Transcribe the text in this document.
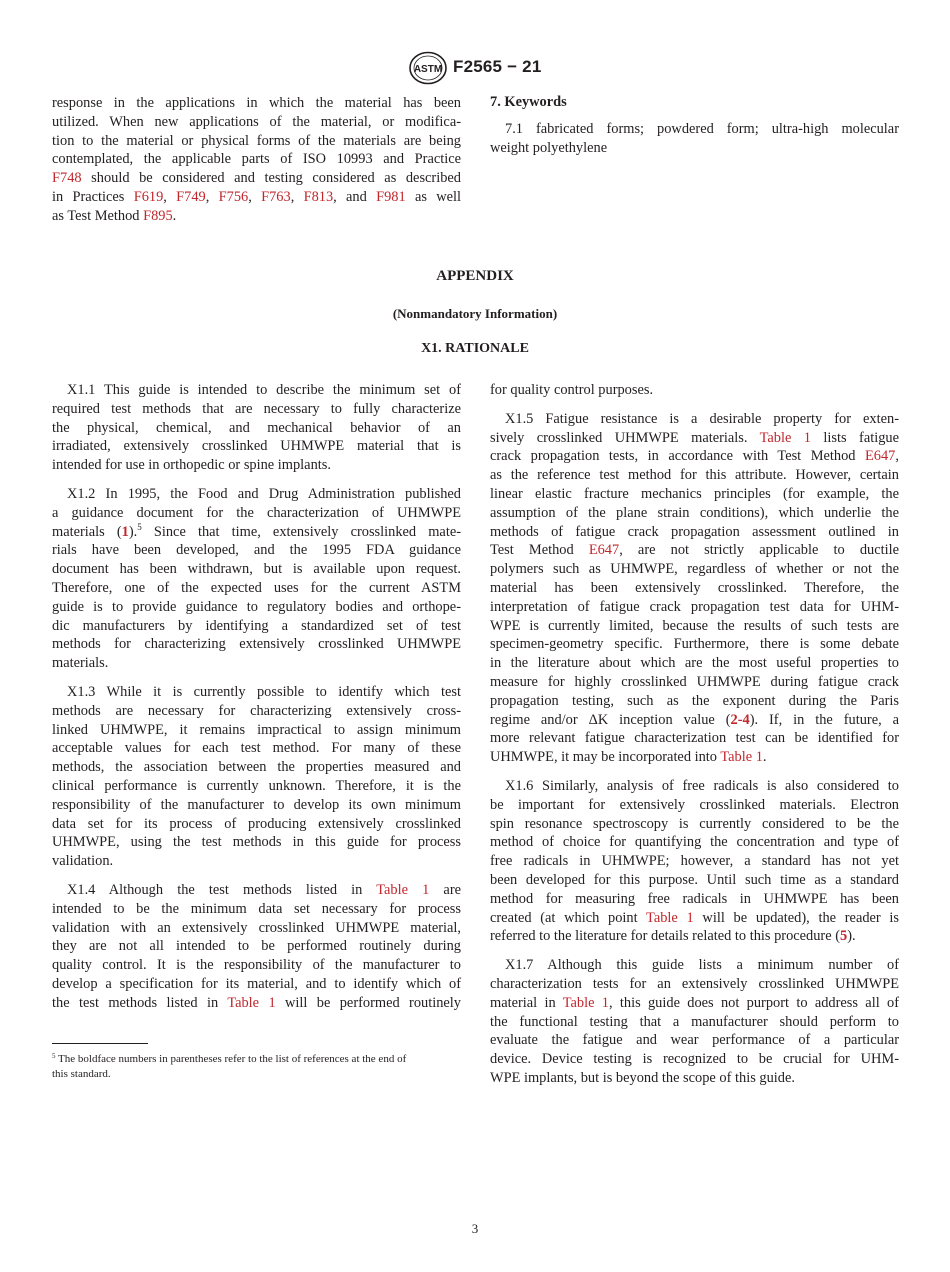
ASTM F2565 − 21
response in the applications in which the material has been
utilized. When new applications of the material, or modifica-
tion to the material or physical forms of the materials are being
contemplated, the applicable parts of ISO 10993 and Practice
F748 should be considered and testing considered as described
in Practices F619, F749, F756, F763, F813, and F981 as well
as Test Method F895.
7. Keywords
7.1 fabricated forms; powdered form; ultra-high molecular
weight polyethylene
APPENDIX
(Nonmandatory Information)
X1. RATIONALE
X1.1 This guide is intended to describe the minimum set of
required test methods that are necessary to fully characterize
the physical, chemical, and mechanical behavior of an
irradiated, extensively crosslinked UHMWPE material that is
intended for use in orthopedic or spine implants.
X1.2 In 1995, the Food and Drug Administration published
a guidance document for the characterization of UHMWPE
materials (1).$^5$ Since that time, extensively crosslinked mate-
rials have been developed, and the 1995 FDA guidance
document has been withdrawn, but is available upon request.
Therefore, one of the expected uses for the current ASTM
guide is to provide guidance to regulatory bodies and orthope-
dic manufacturers by identifying a standardized set of test
methods for characterizing extensively crosslinked UHMWPE
materials.
X1.3 While it is currently possible to identify which test
methods are necessary for characterizing extensively cross-
linked UHMWPE, it remains impractical to assign minimum
acceptable values for each test method. For many of these
methods, the association between the properties measured and
clinical performance is currently unknown. Therefore, it is the
responsibility of the manufacturer to develop its own minimum
data set for its process of producing extensively crosslinked
UHMWPE, using the test methods in this guide for process
validation.
X1.4 Although the test methods listed in Table 1 are
intended to be the minimum data set necessary for process
validation with an extensively crosslinked UHMWPE material,
they are not all intended to be performed routinely during
quality control. It is the responsibility of the manufacturer to
develop a specification for its material, and to identify which of
the test methods listed in Table 1 will be performed routinely
$^5$ The boldface numbers in parentheses refer to the list of references at the end of
this standard.
for quality control purposes.
X1.5 Fatigue resistance is a desirable property for exten-
sively crosslinked UHMWPE materials. Table 1 lists fatigue
crack propagation tests, in accordance with Test Method E647,
as the reference test method for this attribute. However, certain
linear elastic fracture mechanics principles (for example, the
assumption of the plane strain conditions), which underlie the
methods of fatigue crack propagation assessment outlined in
Test Method E647, are not strictly applicable to ductile
polymers such as UHMWPE, regardless of whether or not the
material has been extensively crosslinked. Therefore, the
interpretation of fatigue crack propagation test data for UHM-
WPE is currently limited, because the results of such tests are
specimen-geometry specific. Furthermore, there is some debate
in the literature about which are the most useful properties to
measure for highly crosslinked UHMWPE during fatigue crack
propagation testing, such as the exponent during the Paris
regime and/or ΔK inception value (2-4). If, in the future, a
more relevant fatigue characterization test can be identified for
UHMWPE, it may be incorporated into Table 1.
X1.6 Similarly, analysis of free radicals is also considered to
be important for extensively crosslinked materials. Electron
spin resonance spectroscopy is currently considered to be the
method of choice for quantifying the concentration and type of
free radicals in UHMWPE; however, a standard has not yet
been developed for this purpose. Until such time as a standard
method for measuring free radicals in UHMWPE has been
created (at which point Table 1 will be updated), the reader is
referred to the literature for details related to this procedure (5).
X1.7 Although this guide lists a minimum number of
characterization tests for an extensively crosslinked UHMWPE
material in Table 1, this guide does not purport to address all of
the functional testing that a manufacturer should perform to
evaluate the fatigue and wear performance of a particular
device. Device testing is recognized to be crucial for UHM-
WPE implants, but is beyond the scope of this guide.
3
